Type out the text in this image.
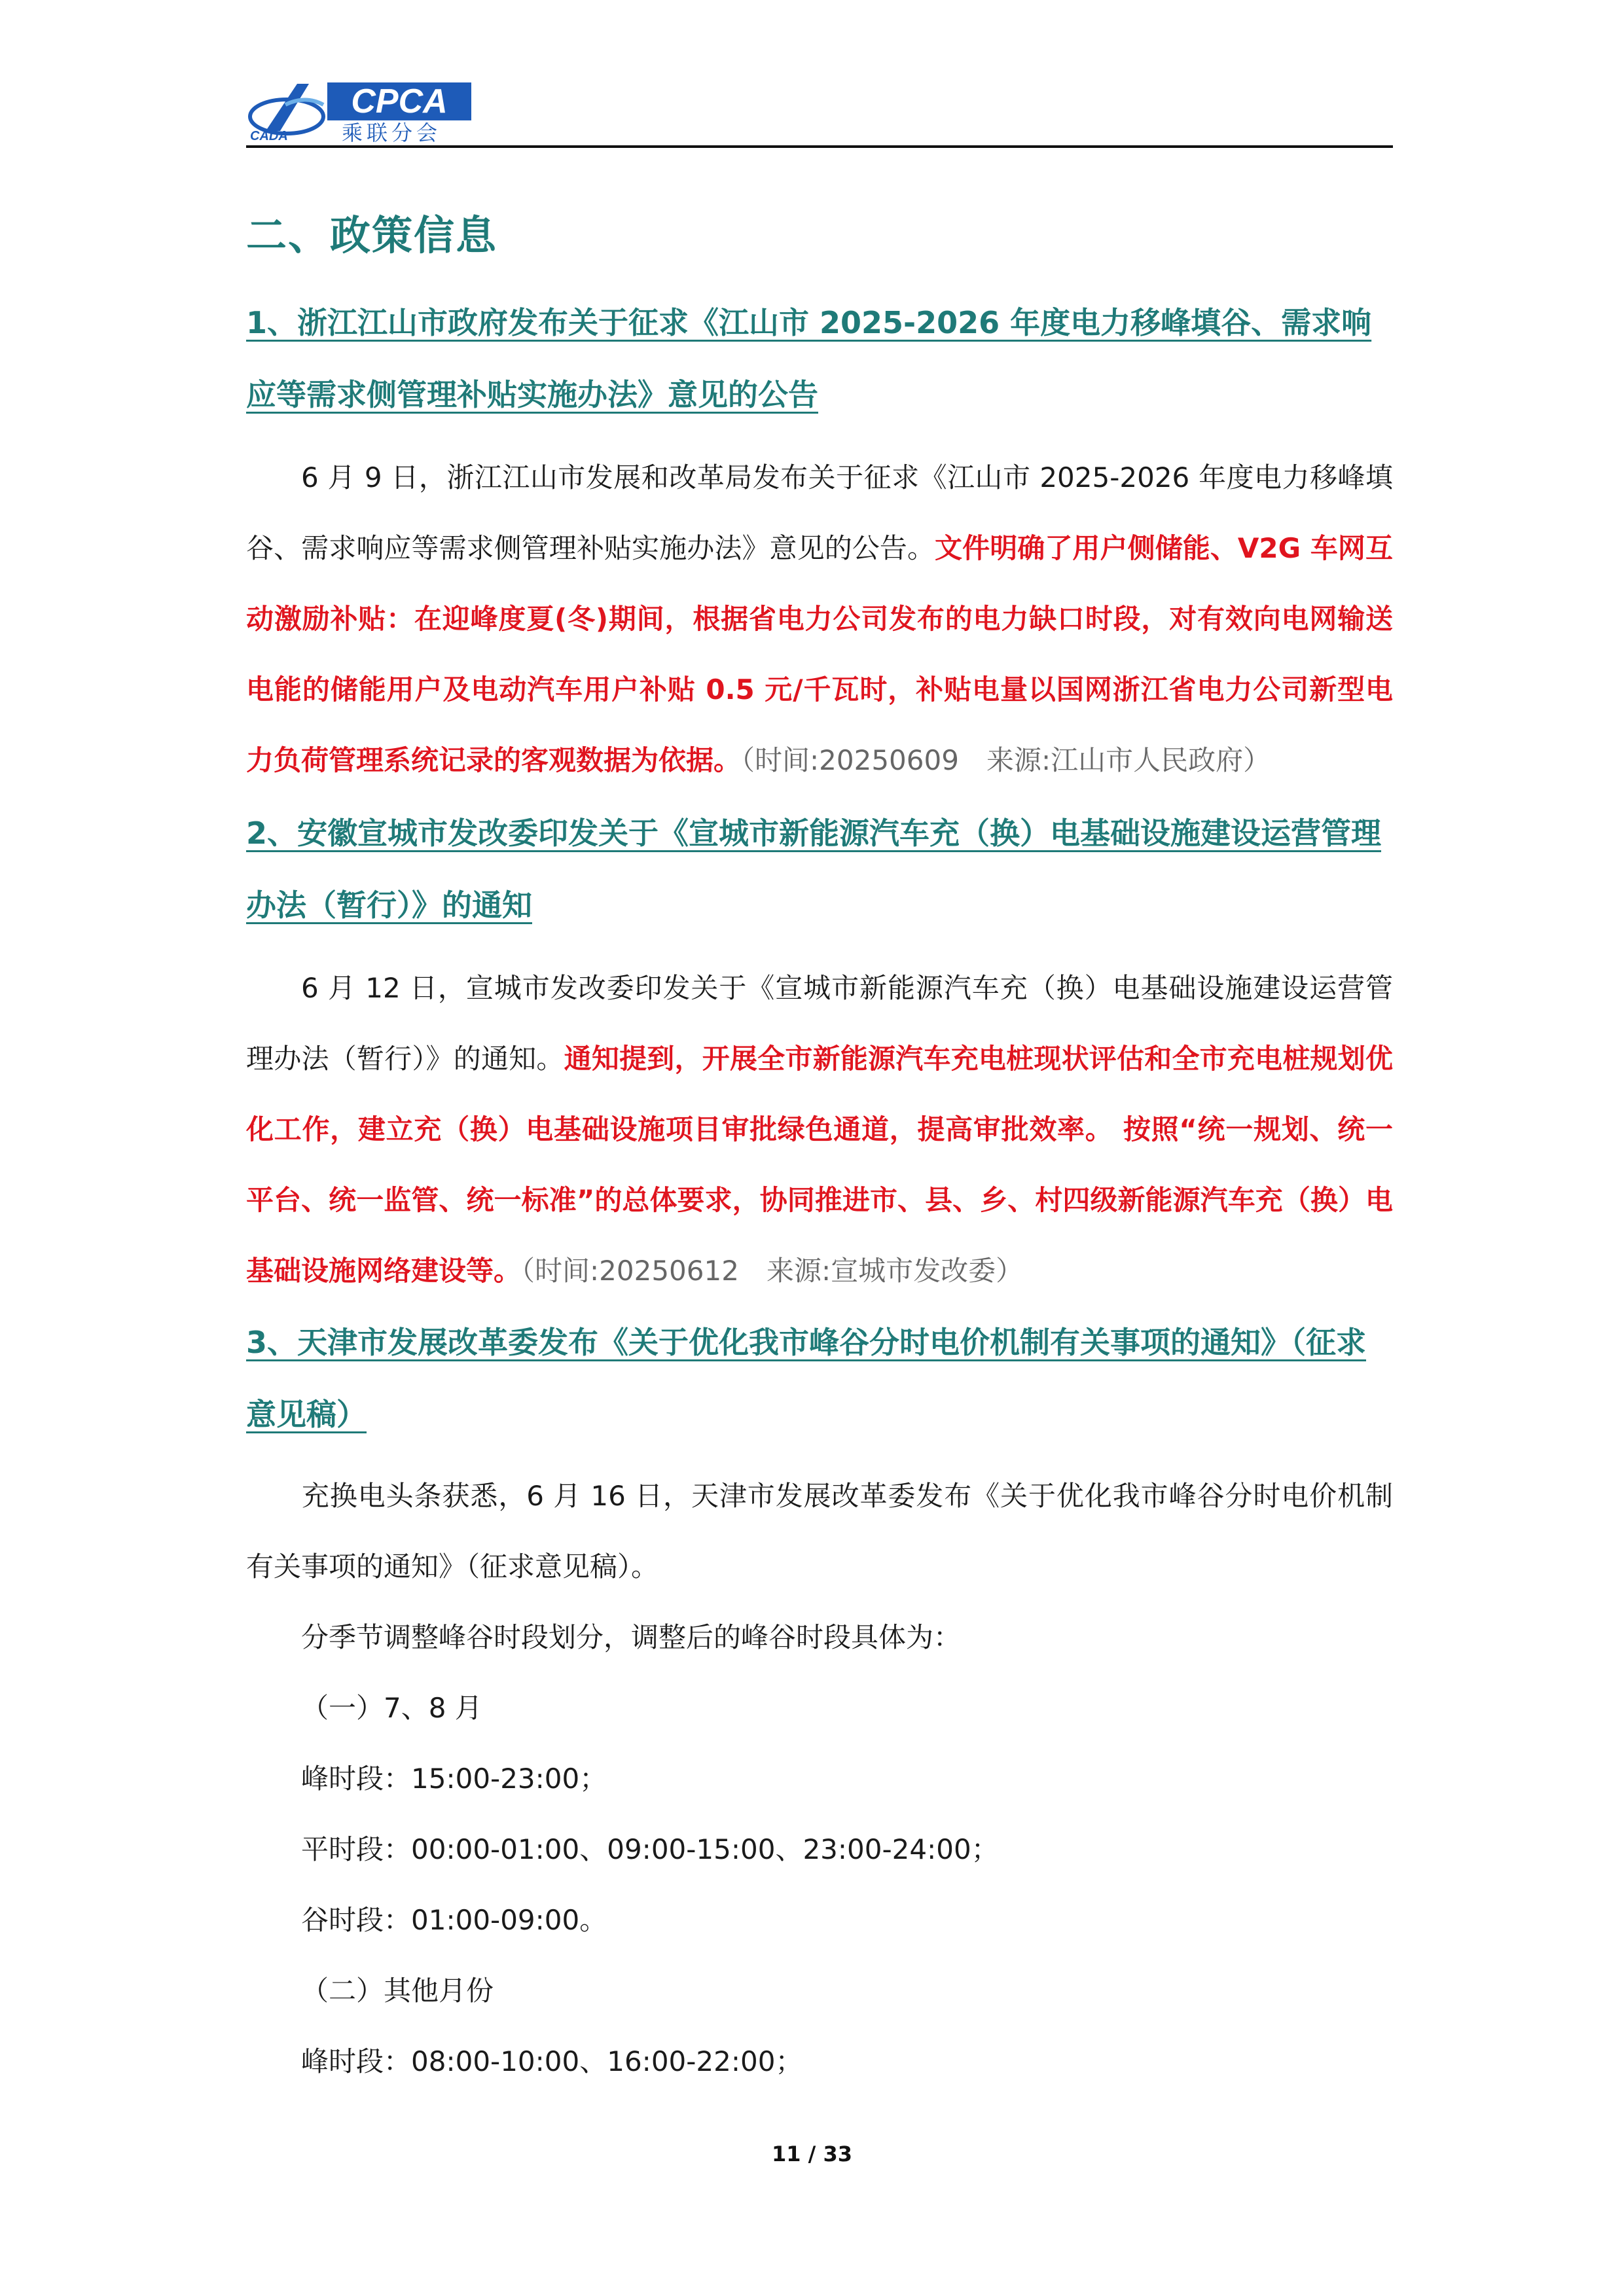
CPCA
乘联分会
CADA
二、政策信息
1、浙江江山市政府发布关于征求《江山市 2025-2026 年度电力移峰填谷、需求响应等需求侧管理补贴实施办法》意见的公告

6 月 9 日，浙江江山市发展和改革局发布关于征求《江山市 2025-2026 年度电力移峰填谷、需求响应等需求侧管理补贴实施办法》意见的公告。文件明确了用户侧储能、V2G 车网互动激励补贴：在迎峰度夏(冬)期间，根据省电力公司发布的电力缺口时段，对有效向电网输送电能的储能用户及电动汽车用户补贴 0.5 元/千瓦时，补贴电量以国网浙江省电力公司新型电力负荷管理系统记录的客观数据为依据。（时间:20250609　来源:江山市人民政府）

2、安徽宣城市发改委印发关于《宣城市新能源汽车充（换）电基础设施建设运营管理办法（暂行）》的通知

6 月 12 日，宣城市发改委印发关于《宣城市新能源汽车充（换）电基础设施建设运营管理办法（暂行）》的通知。通知提到，开展全市新能源汽车充电桩现状评估和全市充电桩规划优化工作，建立充（换）电基础设施项目审批绿色通道，提高审批效率。 按照“统一规划、统一平台、统一监管、统一标准”的总体要求，协同推进市、县、乡、村四级新能源汽车充（换）电基础设施网络建设等。（时间:20250612　来源:宣城市发改委）

3、天津市发展改革委发布《关于优化我市峰谷分时电价机制有关事项的通知》（征求意见稿）

充换电头条获悉，6 月 16 日，天津市发展改革委发布《关于优化我市峰谷分时电价机制有关事项的通知》（征求意见稿）。

分季节调整峰谷时段划分，调整后的峰谷时段具体为：
（一）7、8 月
峰时段：15:00-23:00；
平时段：00:00-01:00、09:00-15:00、23:00-24:00；
谷时段：01:00-09:00。
（二）其他月份
峰时段：08:00-10:00、16:00-22:00；
11 / 33
